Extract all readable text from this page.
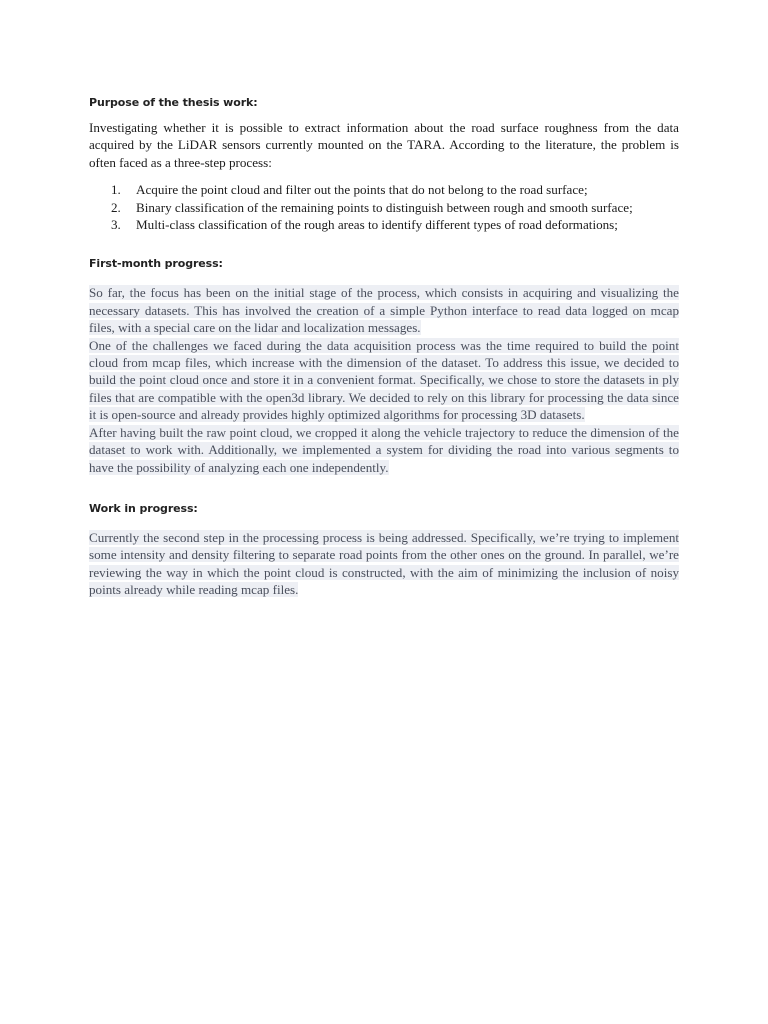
Purpose of the thesis work:

Investigating whether it is possible to extract information about the road surface roughness from the data acquired by the LiDAR sensors currently mounted on the TARA. According to the literature, the problem is often faced as a three-step process:

1.	Acquire the point cloud and filter out the points that do not belong to the road surface;
2.	Binary classification of the remaining points to distinguish between rough and smooth surface;
3.	Multi-class classification of the rough areas to identify different types of road deformations;

First-month progress:

So far, the focus has been on the initial stage of the process, which consists in acquiring and visualizing the necessary datasets. This has involved the creation of a simple Python interface to read data logged on mcap files, with a special care on the lidar and localization messages.
One of the challenges we faced during the data acquisition process was the time required to build the point cloud from mcap files, which increase with the dimension of the dataset. To address this issue, we decided to build the point cloud once and store it in a convenient format. Specifically, we chose to store the datasets in ply files that are compatible with the open3d library. We decided to rely on this library for processing the data since it is open-source and already provides highly optimized algorithms for processing 3D datasets.
After having built the raw point cloud, we cropped it along the vehicle trajectory to reduce the dimension of the dataset to work with. Additionally, we implemented a system for dividing the road into various segments to have the possibility of analyzing each one independently.

Work in progress:

Currently the second step in the processing process is being addressed. Specifically, we’re trying to implement some intensity and density filtering to separate road points from the other ones on the ground. In parallel, we’re reviewing the way in which the point cloud is constructed, with the aim of minimizing the inclusion of noisy points already while reading mcap files.
